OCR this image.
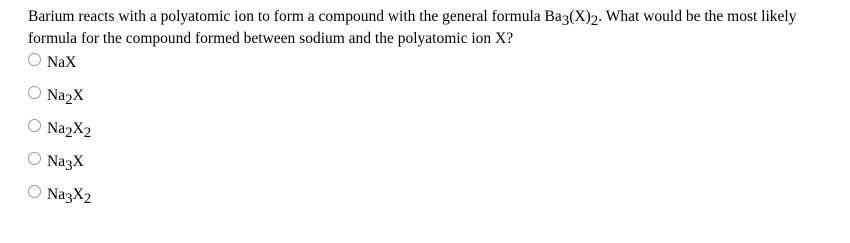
Barium reacts with a polyatomic ion to form a compound with the general formula $Ba_3(X)_2$. What would be the most likely formula for the compound formed between sodium and the polyatomic ion X?
NaX
$Na_2X$
$Na_2X_2$
$Na_3X$
$Na_3X_2$
